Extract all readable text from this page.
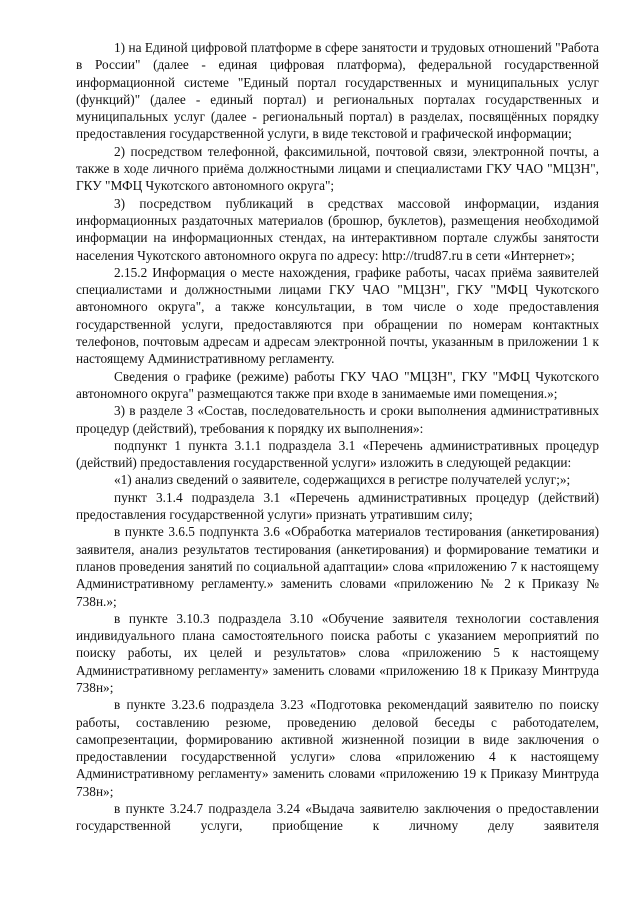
1) на Единой цифровой платформе в сфере занятости и трудовых отношений "Работа в России" (далее - единая цифровая платформа), федеральной государственной информационной системе "Единый портал государственных и муниципальных услуг (функций)" (далее - единый портал) и региональных порталах государственных и муниципальных услуг (далее - региональный портал) в разделах, посвящённых порядку предоставления государственной услуги, в виде текстовой и графической информации;

2) посредством телефонной, факсимильной, почтовой связи, электронной почты, а также в ходе личного приёма должностными лицами и специалистами ГКУ ЧАО "МЦЗН", ГКУ "МФЦ Чукотского автономного округа";

3) посредством публикаций в средствах массовой информации, издания информационных раздаточных материалов (брошюр, буклетов), размещения необходимой информации на информационных стендах, на интерактивном портале службы занятости населения Чукотского автономного округа по адресу: http://trud87.ru в сети «Интернет»;

2.15.2 Информация о месте нахождения, графике работы, часах приёма заявителей специалистами и должностными лицами ГКУ ЧАО "МЦЗН", ГКУ "МФЦ Чукотского автономного округа", а также консультации, в том числе о ходе предоставления государственной услуги, предоставляются при обращении по номерам контактных телефонов, почтовым адресам и адресам электронной почты, указанным в приложении 1 к настоящему Административному регламенту.

Сведения о графике (режиме) работы ГКУ ЧАО "МЦЗН", ГКУ "МФЦ Чукотского автономного округа" размещаются также при входе в занимаемые ими помещения.»;

3) в разделе 3 «Состав, последовательность и сроки выполнения административных процедур (действий), требования к порядку их выполнения»:

подпункт 1 пункта 3.1.1 подраздела 3.1 «Перечень административных процедур (действий) предоставления государственной услуги» изложить в следующей редакции:

«1) анализ сведений о заявителе, содержащихся в регистре получателей услуг;»;

пункт 3.1.4 подраздела 3.1 «Перечень административных процедур (действий) предоставления государственной услуги» признать утратившим силу;

в пункте 3.6.5 подпункта 3.6 «Обработка материалов тестирования (анкетирования) заявителя, анализ результатов тестирования (анкетирования) и формирование тематики и планов проведения занятий по социальной адаптации» слова «приложению 7 к настоящему Административному регламенту.» заменить словами «приложению № 2 к Приказу № 738н.»;

в пункте 3.10.3 подраздела 3.10 «Обучение заявителя технологии составления индивидуального плана самостоятельного поиска работы с указанием мероприятий по поиску работы, их целей и результатов» слова «приложению 5 к настоящему Административному регламенту» заменить словами «приложению 18 к Приказу Минтруда 738н»;

в пункте 3.23.6 подраздела 3.23 «Подготовка рекомендаций заявителю по поиску работы, составлению резюме, проведению деловой беседы с работодателем, самопрезентации, формированию активной жизненной позиции в виде заключения о предоставлении государственной услуги» слова «приложению 4 к настоящему Административному регламенту» заменить словами «приложению 19 к Приказу Минтруда 738н»;

в пункте 3.24.7 подраздела 3.24 «Выдача заявителю заключения о предоставлении государственной услуги, приобщение к личному делу заявителя
